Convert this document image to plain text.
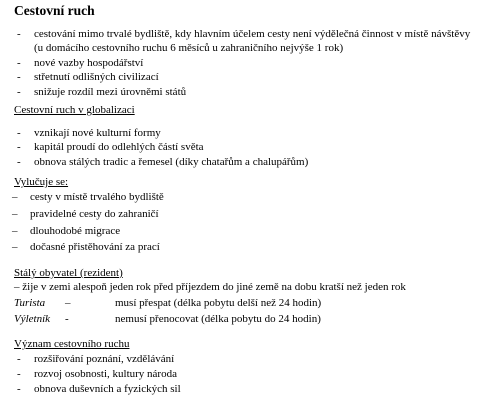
Cestovní ruch
- cestování mimo trvalé bydliště, kdy hlavním účelem cesty není výdělečná činnost v místě návštěvy
(u domácího cestovního ruchu 6 měsíců u zahraničního nejvýše 1 rok)
- nové vazby hospodářství
- střetnutí odlišných civilizací
- snižuje rozdíl mezi úrovněmi států
Cestovní ruch v globalizaci
- vznikají nové kulturní formy
- kapitál proudí do odlehlých částí světa
- obnova stálých tradic a řemesel (díky chatařům a chalupářům)
Vylučuje se:
– cesty v místě trvalého bydliště
– pravidelné cesty do zahraničí
– dlouhodobé migrace
– dočasné přistěhování za prací
Stálý obyvatel (rezident)
– žije v zemi alespoň jeden rok před příjezdem do jiné země na dobu kratší než jeden rok
Turista –	musí přespat (délka pobytu delší než 24 hodin)
Výletník -	nemusí přenocovat (délka pobytu do 24 hodin)
Význam cestovního ruchu
- rozšiřování poznání, vzdělávání
- rozvoj osobnosti, kultury národa
- obnova duševních a fyzických sil
